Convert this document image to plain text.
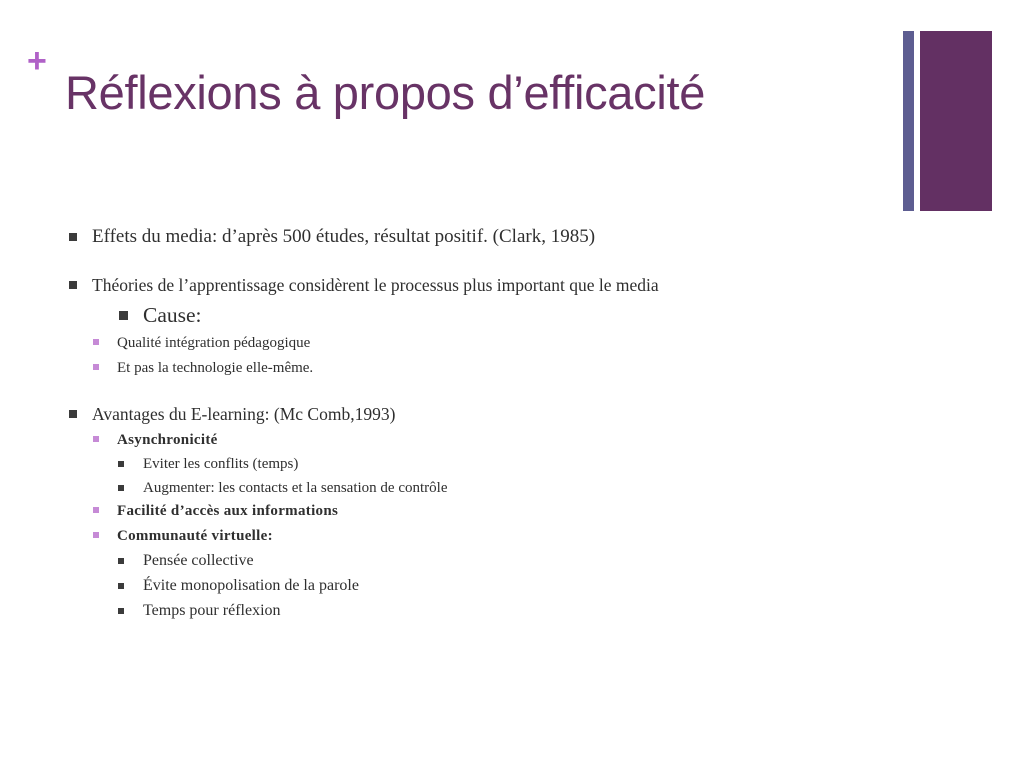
+
Réflexions à propos d’efficacité
Effets du media: d’après 500 études, résultat positif. (Clark, 1985)
Théories de l’apprentissage considèrent le processus plus important que le media
Cause:
Qualité intégration pédagogique
Et pas la technologie elle-même.
Avantages du E-learning: (Mc Comb,1993)
Asynchronicité
Eviter les conflits (temps)
Augmenter: les contacts et la sensation de contrôle
Facilité d’accès aux informations
Communauté virtuelle:
Pensée collective
Évite monopolisation de la parole
Temps pour réflexion
